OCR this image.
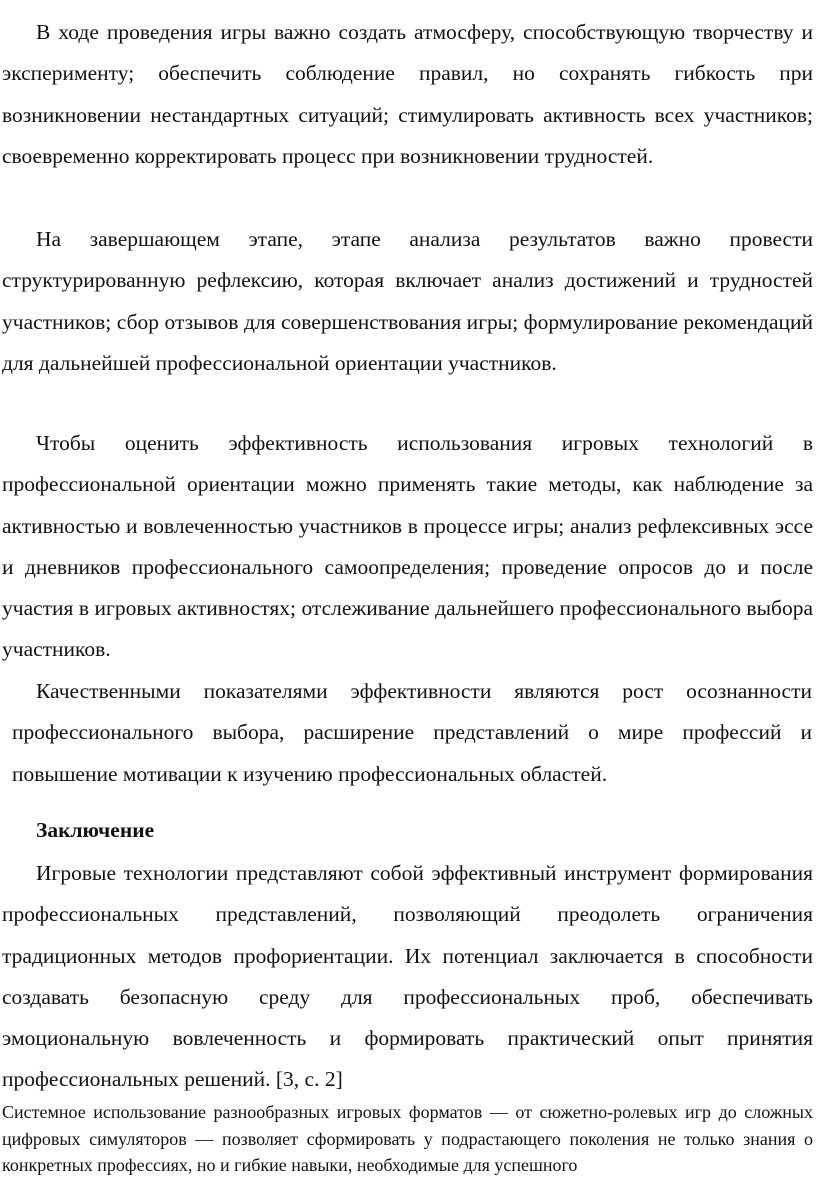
В ходе проведения игры важно создать атмосферу, способствующую творчеству и эксперименту; обеспечить соблюдение правил, но сохранять гибкость при возникновении нестандартных ситуаций; стимулировать активность всех участников; своевременно корректировать процесс при возникновении трудностей.

На завершающем этапе, этапе анализа результатов важно провести структурированную рефлексию, которая включает анализ достижений и трудностей участников; сбор отзывов для совершенствования игры; формулирование рекомендаций для дальнейшей профессиональной ориентации участников.

Чтобы оценить эффективность использования игровых технологий в профессиональной ориентации можно применять такие методы, как наблюдение за активностью и вовлеченностью участников в процессе игры; анализ рефлексивных эссе и дневников профессионального самоопределения; проведение опросов до и после участия в игровых активностях; отслеживание дальнейшего профессионального выбора участников.

Качественными показателями эффективности являются рост осознанности профессионального выбора, расширение представлений о мире профессий и повышение мотивации к изучению профессиональных областей.

Заключение

Игровые технологии представляют собой эффективный инструмент формирования профессиональных представлений, позволяющий преодолеть ограничения традиционных методов профориентации. Их потенциал заключается в способности создавать безопасную среду для профессиональных проб, обеспечивать эмоциональную вовлеченность и формировать практический опыт принятия профессиональных решений. [3, с. 2]

Системное использование разнообразных игровых форматов — от сюжетно-ролевых игр до сложных цифровых симуляторов — позволяет сформировать у подрастающего поколения не только знания о конкретных профессиях, но и гибкие навыки, необходимые для успешного
